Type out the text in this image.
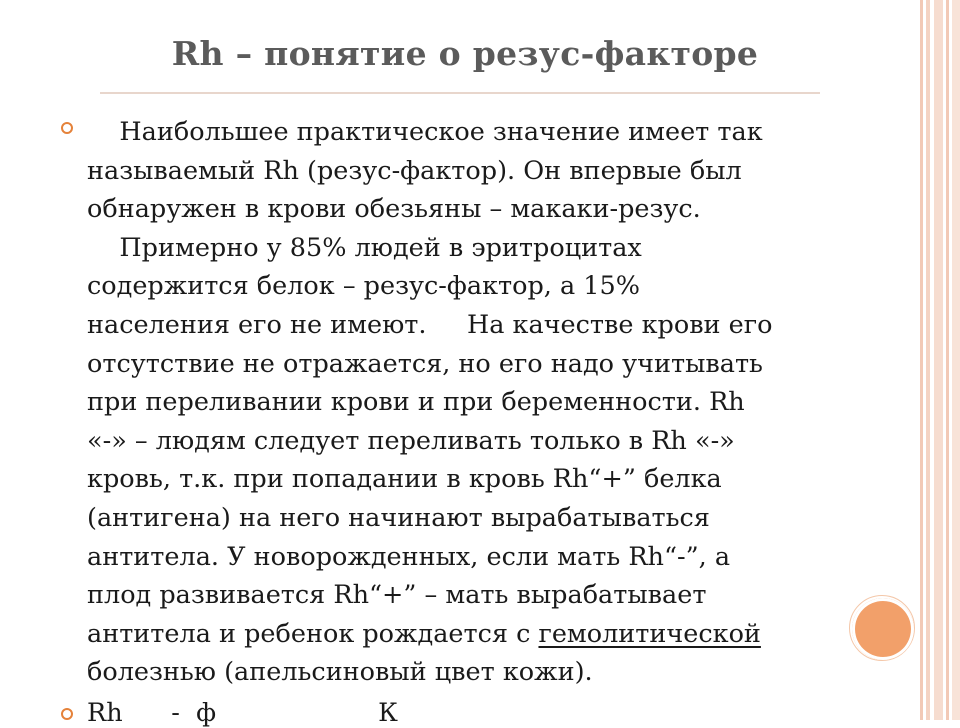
Rh – понятие о резус-факторе
Наибольшее практическое значение имеет так
называемый Rh (резус-фактор). Он впервые был
обнаружен в крови обезьяны – макаки-резус.
Примерно у 85% людей в эритроцитах
содержится белок – резус-фактор, а 15%
населения его не имеют.     На качестве крови его
отсутствие не отражается, но его надо учитывать
при переливании крови и при беременности. Rh
«-» – людям следует переливать только в Rh «-»
кровь, т.к. при попадании в кровь Rh“+” белка
(антигена) на него начинают вырабатываться
антитела. У новорожденных, если мать Rh“-”, а
плод развивается Rh“+” – мать вырабатывает
антитела и ребенок рождается с гемолитической
болезнью (апельсиновый цвет кожи).
Rh      -  ф                    К
